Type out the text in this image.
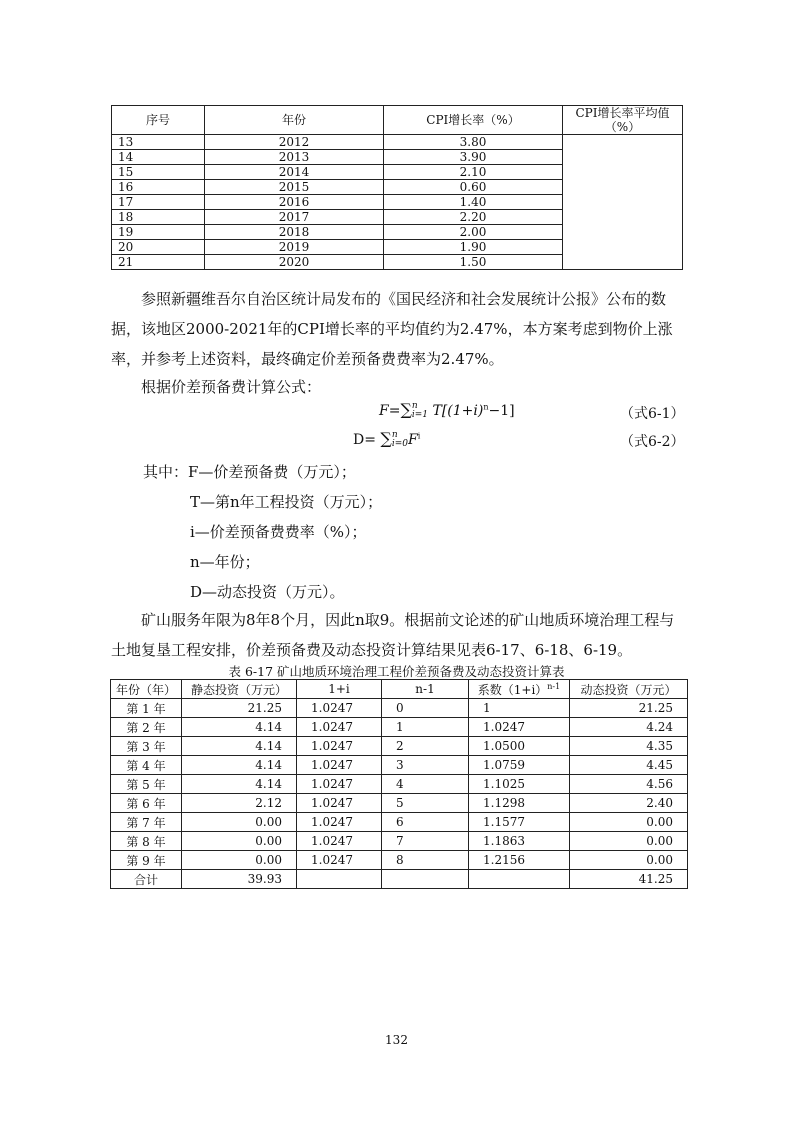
序号	年份	CPI增长率（%）	CPI增长率平均值（%）
13	2012	3.80	
14	2013	3.90	
15	2014	2.10	
16	2015	0.60	
17	2016	1.40	
18	2017	2.20	
19	2018	2.00	
20	2019	1.90	
21	2020	1.50	

参照新疆维吾尔自治区统计局发布的《国民经济和社会发展统计公报》公布的数据，该地区2000-2021年的CPI增长率的平均值约为2.47%，本方案考虑到物价上涨率，并参考上述资料，最终确定价差预备费费率为2.47%。

根据价差预备费计算公式：

F=∑ n
i=1 $T[(1+i)^n-1]$	（式6-1）
D= ∑ n
i=0 $F^i$	（式6-2）
其中：F—价差预备费（万元）；
T—第n年工程投资（万元）；
i—价差预备费费率（%）；
n—年份；
D—动态投资（万元）。

矿山服务年限为8年8个月，因此n取9。根据前文论述的矿山地质环境治理工程与土地复垦工程安排，价差预备费及动态投资计算结果见表6-17、6-18、6-19。

表 6-17 矿山地质环境治理工程价差预备费及动态投资计算表
年份（年）	静态投资（万元）	1+i	n-1	系数$(1+i)^{n-1}$	动态投资（万元）
第 1 年	21.25	1.0247	0	1	21.25
第 2 年	4.14	1.0247	1	1.0247	4.24
第 3 年	4.14	1.0247	2	1.0500	4.35
第 4 年	4.14	1.0247	3	1.0759	4.45
第 5 年	4.14	1.0247	4	1.1025	4.56
第 6 年	2.12	1.0247	5	1.1298	2.40
第 7 年	0.00	1.0247	6	1.1577	0.00
第 8 年	0.00	1.0247	7	1.1863	0.00
第 9 年	0.00	1.0247	8	1.2156	0.00
合计	39.93				41.25
132
